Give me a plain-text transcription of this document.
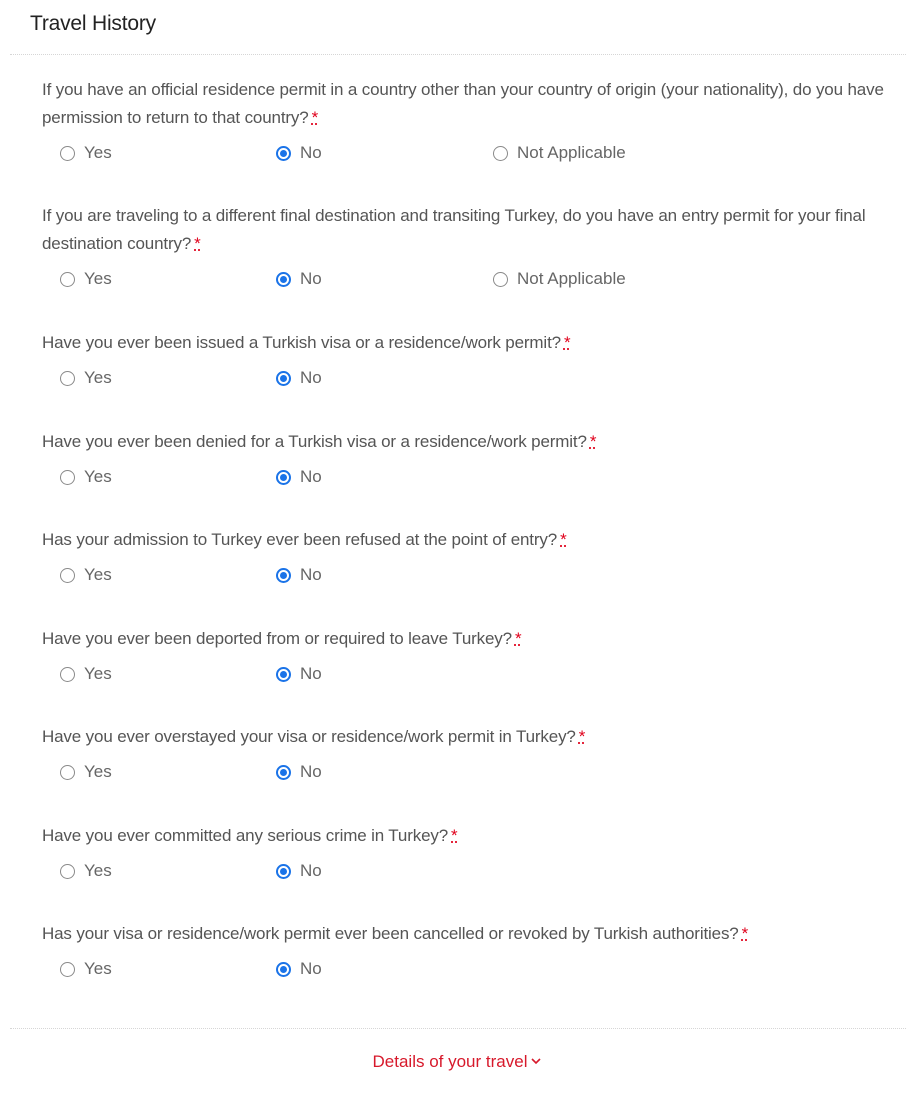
Travel History
If you have an official residence permit in a country other than your country of origin (your nationality), do you have permission to return to that country? *
Yes	No	Not Applicable
If you are traveling to a different final destination and transiting Turkey, do you have an entry permit for your final destination country? *
Yes	No	Not Applicable
Have you ever been issued a Turkish visa or a residence/work permit? *
Yes	No
Have you ever been denied for a Turkish visa or a residence/work permit? *
Yes	No
Has your admission to Turkey ever been refused at the point of entry? *
Yes	No
Have you ever been deported from or required to leave Turkey? *
Yes	No
Have you ever overstayed your visa or residence/work permit in Turkey? *
Yes	No
Have you ever committed any serious crime in Turkey? *
Yes	No
Has your visa or residence/work permit ever been cancelled or revoked by Turkish authorities? *
Yes	No
Details of your travel
